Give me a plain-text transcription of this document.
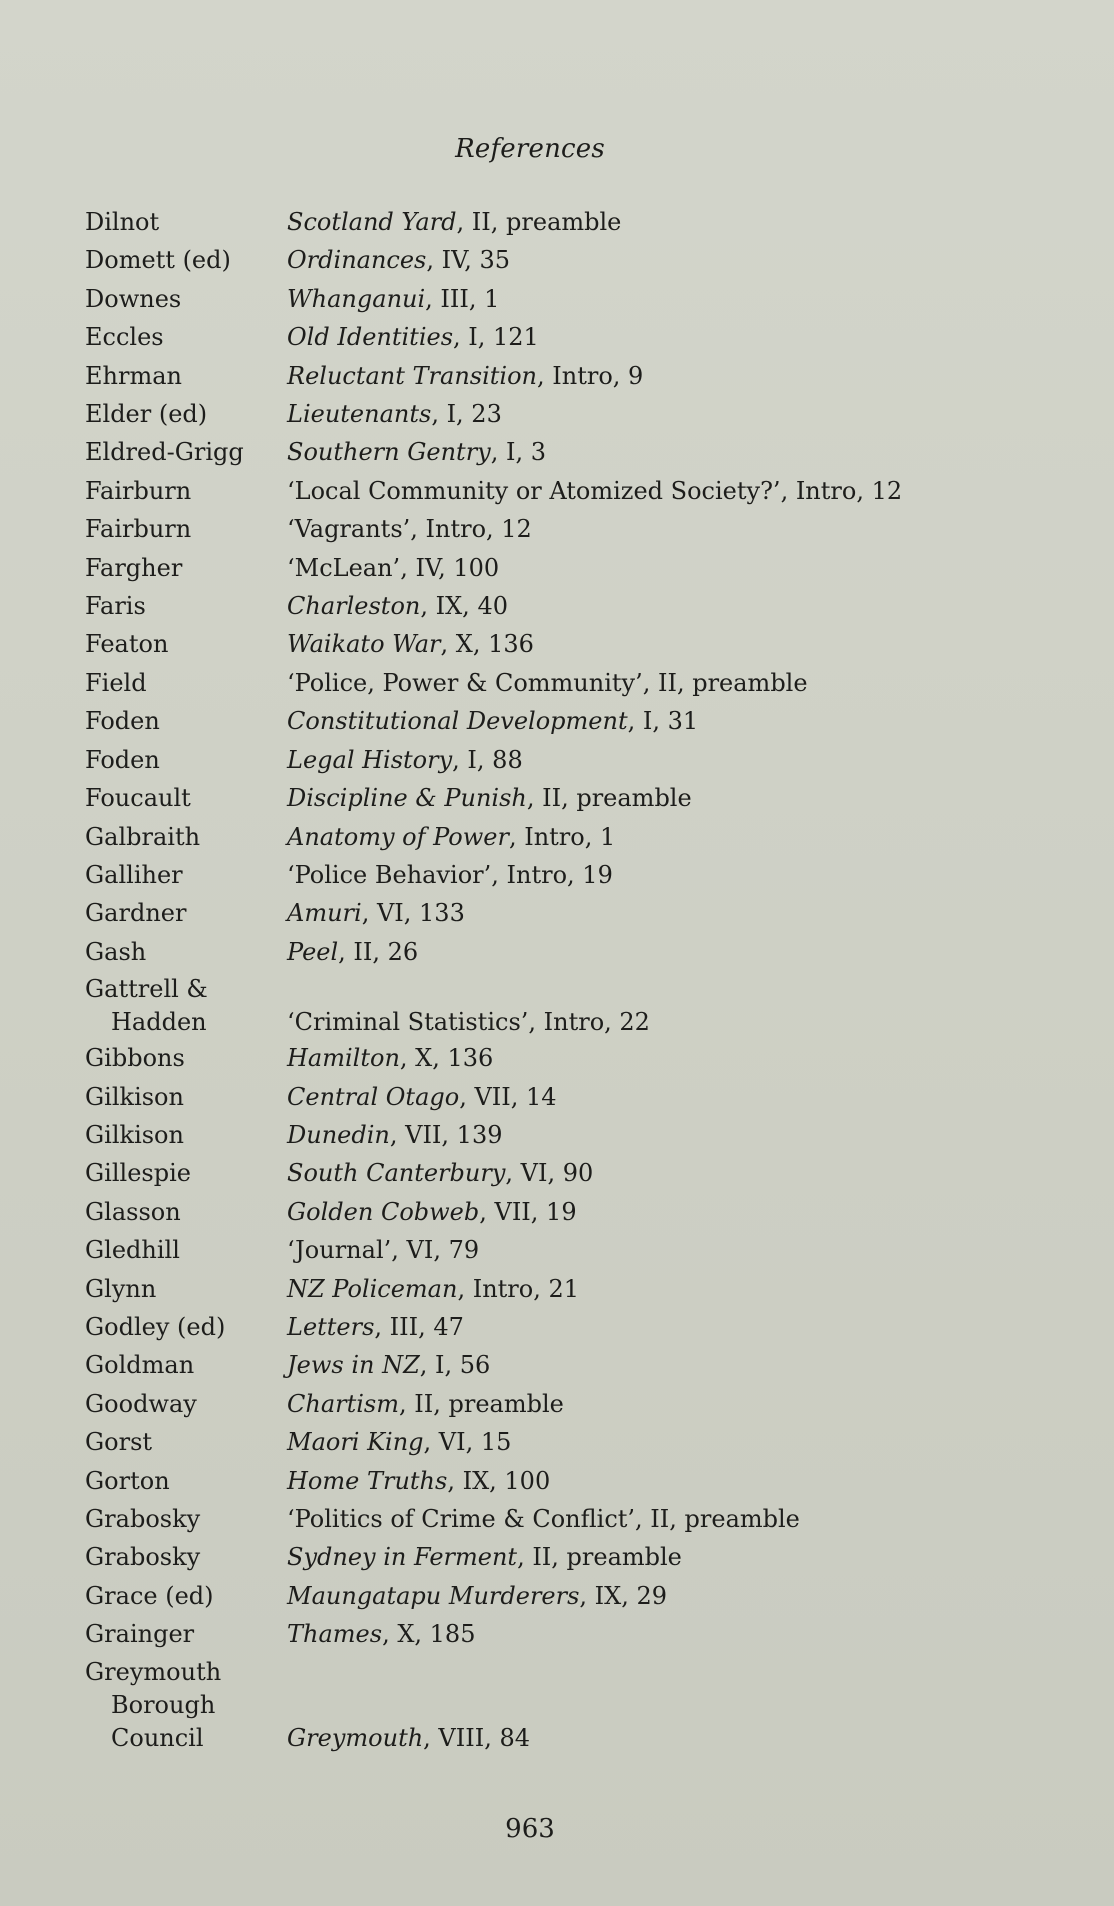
References
Dilnot	Scotland Yard, II, preamble
Domett (ed)	Ordinances, IV, 35
Downes	Whanganui, III, 1
Eccles	Old Identities, I, 121
Ehrman	Reluctant Transition, Intro, 9
Elder (ed)	Lieutenants, I, 23
Eldred-Grigg	Southern Gentry, I, 3
Fairburn	‘Local Community or Atomized Society?’, Intro, 12
Fairburn	‘Vagrants’, Intro, 12
Fargher	‘McLean’, IV, 100
Faris	Charleston, IX, 40
Featon	Waikato War, X, 136
Field	‘Police, Power & Community’, II, preamble
Foden	Constitutional Development, I, 31
Foden	Legal History, I, 88
Foucault	Discipline & Punish, II, preamble
Galbraith	Anatomy of Power, Intro, 1
Galliher	‘Police Behavior’, Intro, 19
Gardner	Amuri, VI, 133
Gash	Peel, II, 26
Gattrell &
Hadden	‘Criminal Statistics’, Intro, 22
Gibbons	Hamilton, X, 136
Gilkison	Central Otago, VII, 14
Gilkison	Dunedin, VII, 139
Gillespie	South Canterbury, VI, 90
Glasson	Golden Cobweb, VII, 19
Gledhill	‘Journal’, VI, 79
Glynn	NZ Policeman, Intro, 21
Godley (ed)	Letters, III, 47
Goldman	Jews in NZ, I, 56
Goodway	Chartism, II, preamble
Gorst	Maori King, VI, 15
Gorton	Home Truths, IX, 100
Grabosky	‘Politics of Crime & Conflict’, II, preamble
Grabosky	Sydney in Ferment, II, preamble
Grace (ed)	Maungatapu Murderers, IX, 29
Grainger	Thames, X, 185
Greymouth
Borough
Council	Greymouth, VIII, 84
963
